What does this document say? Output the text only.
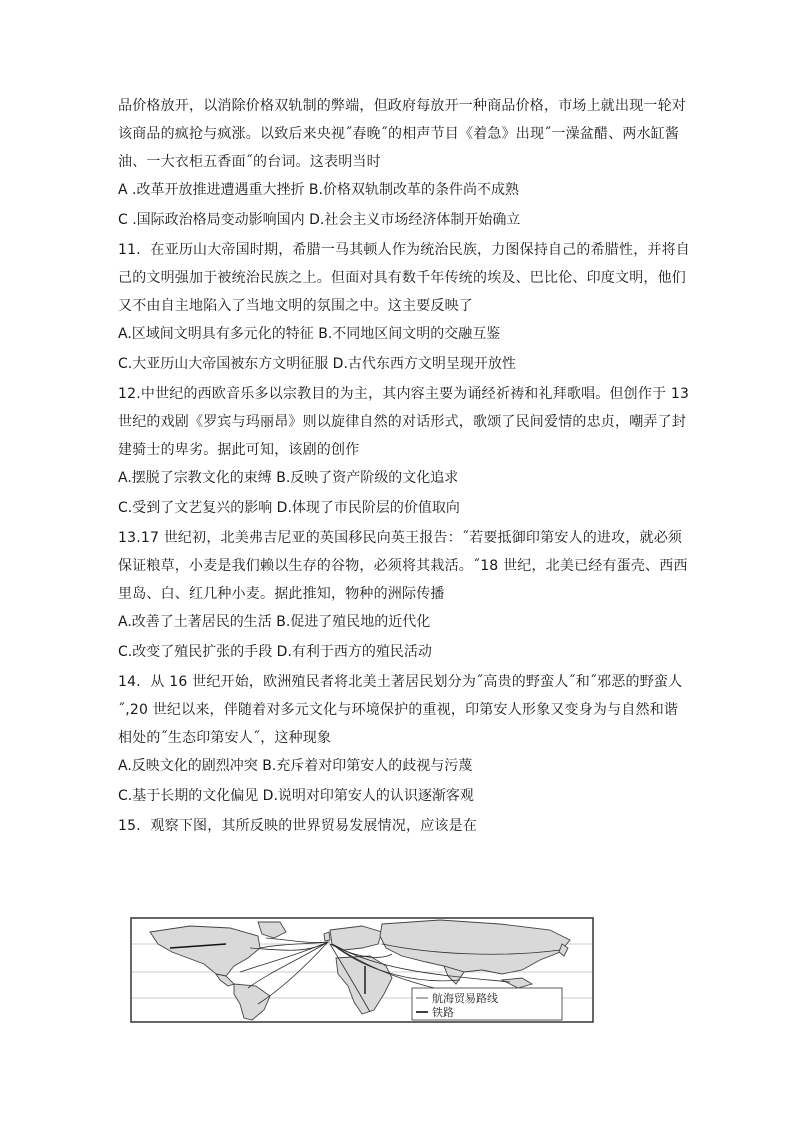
品价格放开，以消除价格双轨制的弊端，但政府每放开一种商品价格，市场上就出现一轮对
该商品的疯抢与疯涨。以致后来央视˝春晚˝的相声节目《着急》出现˝一澡盆醋、两水缸酱
油、一大衣柜五香面˝的台词。这表明当时
A .改革开放推进遭遇重大挫折 B.价格双轨制改革的条件尚不成熟
C .国际政治格局变动影响国内 D.社会主义市场经济体制开始确立
11．在亚历山大帝国时期，希腊一马其顿人作为统治民族，力图保持自己的希腊性，并将自
己的文明强加于被统治民族之上。但面对具有数千年传统的埃及、巴比伦、印度文明，他们
又不由自主地陷入了当地文明的氛围之中。这主要反映了
A.区域间文明具有多元化的特征 B.不同地区间文明的交融互鉴
C.大亚历山大帝国被东方文明征服 D.古代东西方文明呈现开放性
12.中世纪的西欧音乐多以宗教目的为主，其内容主要为诵经祈祷和礼拜歌唱。但创作于 13
世纪的戏剧《罗宾与玛丽昂》则以旋律自然的对话形式，歌颂了民间爱情的忠贞，嘲弄了封
建骑士的卑劣。据此可知，该剧的创作
A.摆脱了宗教文化的束缚 B.反映了资产阶级的文化追求
C.受到了文艺复兴的影响 D.体现了市民阶层的价值取向
13.17 世纪初，北美弗吉尼亚的英国移民向英王报告：˝若要抵御印第安人的进攻，就必须
保证粮草，小麦是我们赖以生存的谷物，必须将其栽活。˝18 世纪，北美已经有蛋壳、西西
里岛、白、红几种小麦。据此推知，物种的洲际传播
A.改善了土著居民的生活 B.促进了殖民地的近代化
C.改变了殖民扩张的手段 D.有利于西方的殖民活动
14．从 16 世纪开始，欧洲殖民者将北美土著居民划分为˝高贵的野蛮人˝和˝邪恶的野蛮人
˝,20 世纪以来，伴随着对多元文化与环境保护的重视，印第安人形象又变身为与自然和谐
相处的˝生态印第安人˝，这种现象
A.反映文化的剧烈冲突 B.充斥着对印第安人的歧视与污蔑
C.基于长期的文化偏见 D.说明对印第安人的认识逐渐客观
15．观察下图，其所反映的世界贸易发展情况，应该是在
航海贸易路线
铁路
